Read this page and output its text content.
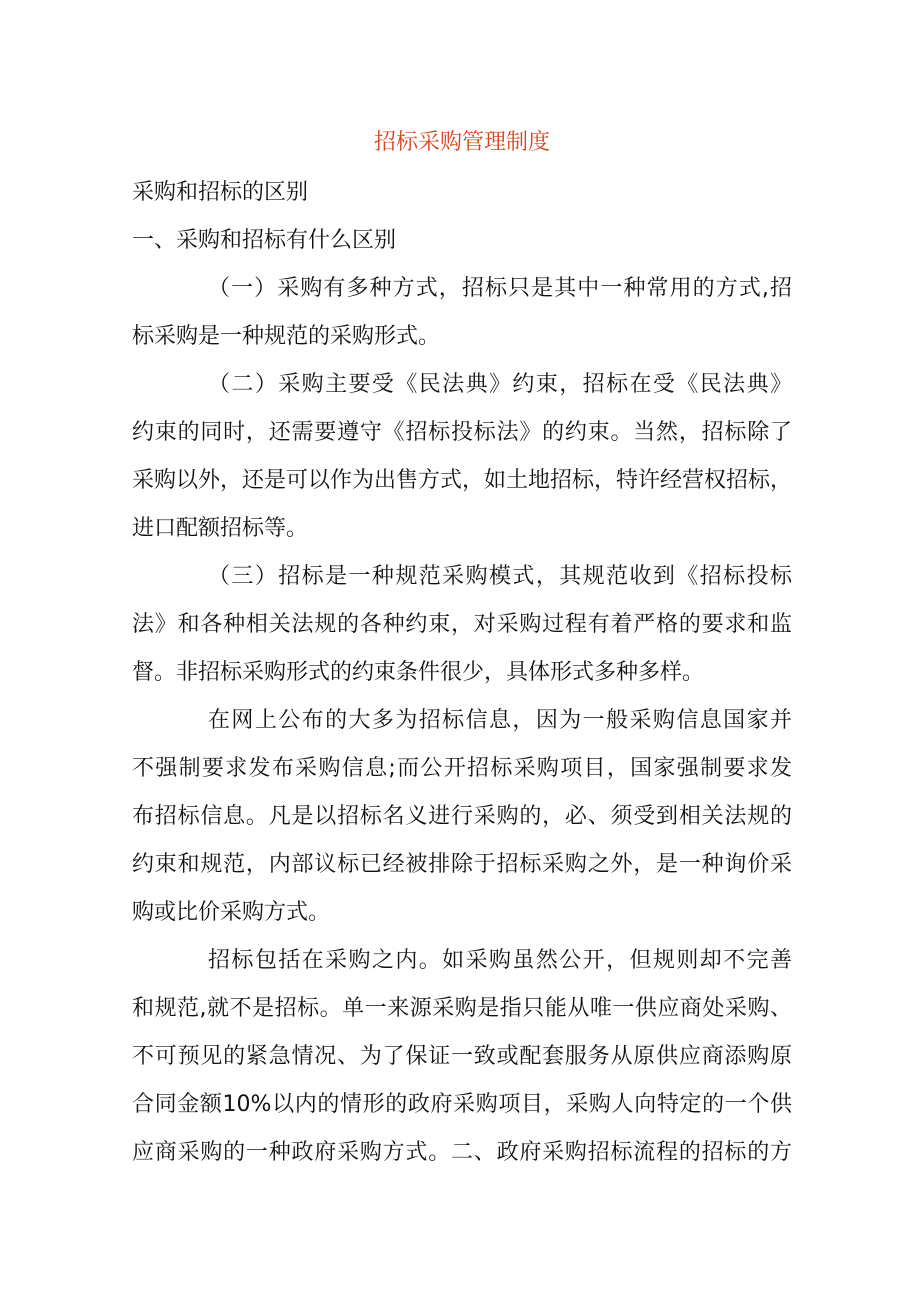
招标采购管理制度
采购和招标的区别
一、采购和招标有什么区别
（一）采购有多种方式，招标只是其中一种常用的方式,招
标采购是一种规范的采购形式。
（二）采购主要受《民法典》约束，招标在受《民法典》
约束的同时，还需要遵守《招标投标法》的约束。当然，招标除了
采购以外，还是可以作为出售方式，如土地招标，特许经营权招标，
进口配额招标等。
（三）招标是一种规范采购模式，其规范收到《招标投标
法》和各种相关法规的各种约束，对采购过程有着严格的要求和监
督。非招标采购形式的约束条件很少，具体形式多种多样。
在网上公布的大多为招标信息，因为一般采购信息国家并
不强制要求发布采购信息;而公开招标采购项目，国家强制要求发
布招标信息。凡是以招标名义进行采购的，必、须受到相关法规的
约束和规范，内部议标已经被排除于招标采购之外，是一种询价采
购或比价采购方式。
招标包括在采购之内。如采购虽然公开，但规则却不完善
和规范,就不是招标。单一来源采购是指只能从唯一供应商处采购、
不可预见的紧急情况、为了保证一致或配套服务从原供应商添购原
合同金额10%以内的情形的政府采购项目，采购人向特定的一个供
应商采购的一种政府采购方式。二、政府采购招标流程的招标的方
